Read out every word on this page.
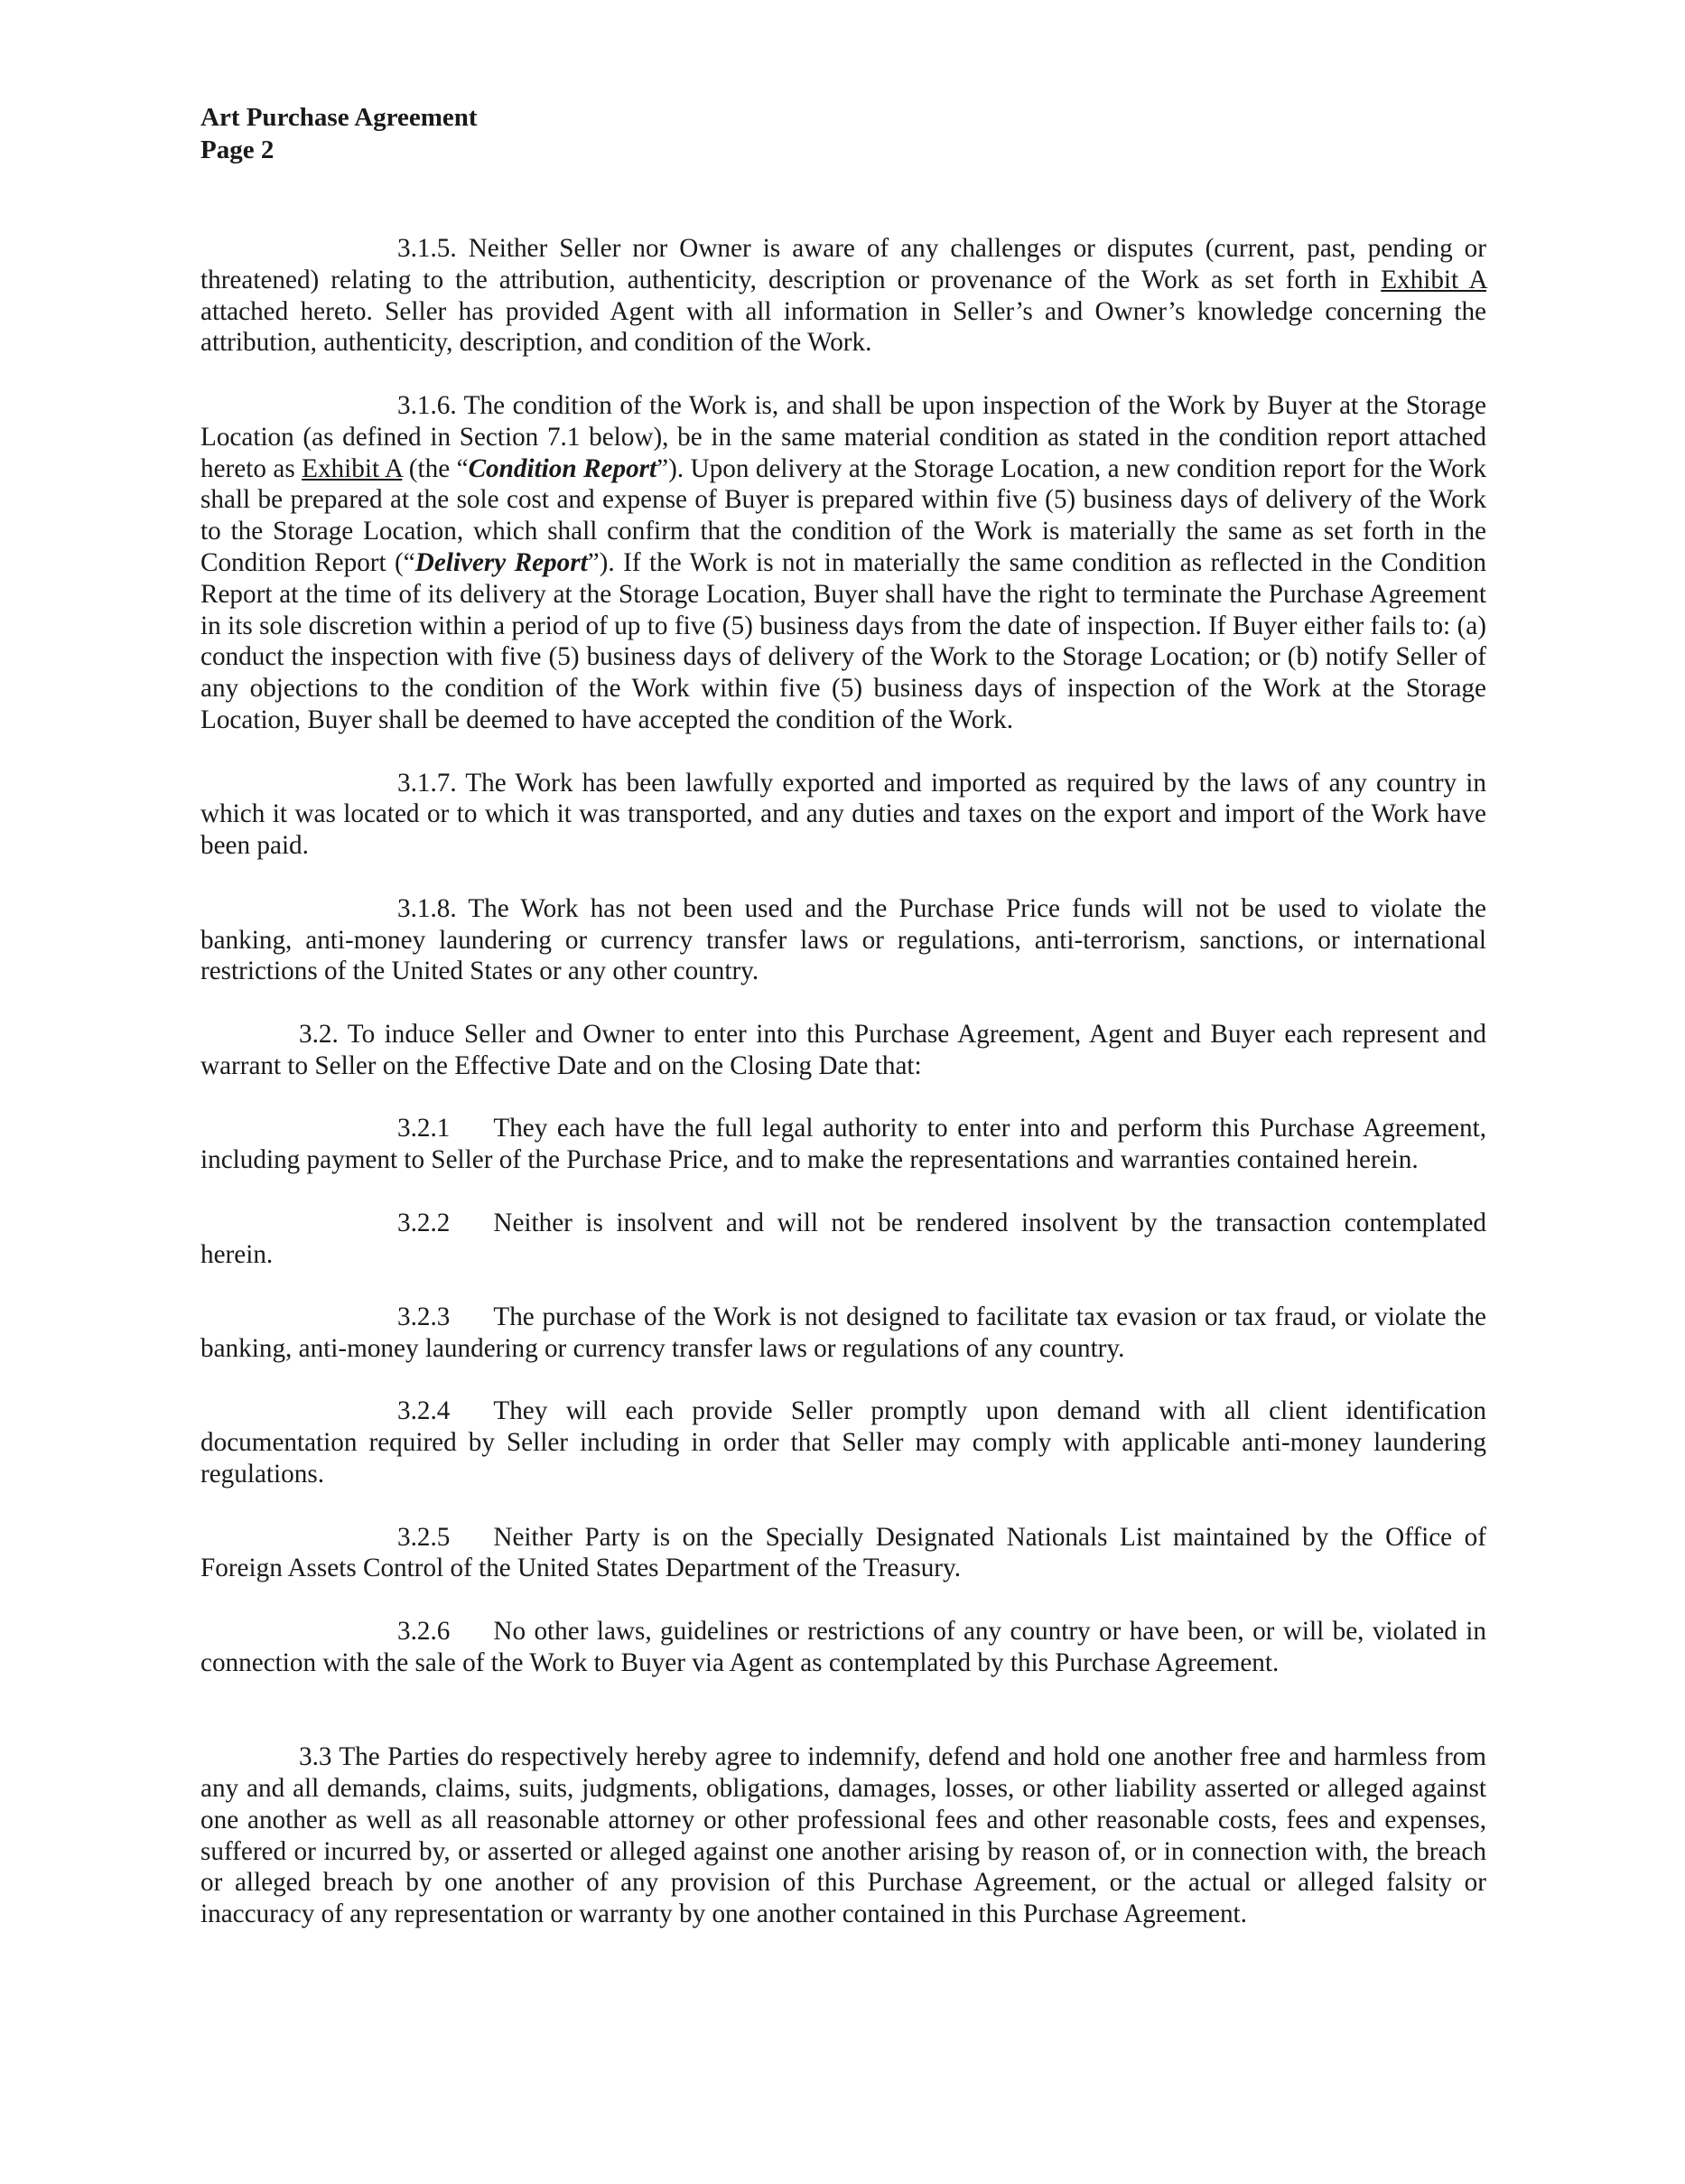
Art Purchase Agreement
Page 2

3.1.5. Neither Seller nor Owner is aware of any challenges or disputes (current, past, pending or threatened) relating to the attribution, authenticity, description or provenance of the Work as set forth in Exhibit A attached hereto. Seller has provided Agent with all information in Seller’s and Owner’s knowledge concerning the attribution, authenticity, description, and condition of the Work.

3.1.6. The condition of the Work is, and shall be upon inspection of the Work by Buyer at the Storage Location (as defined in Section 7.1 below), be in the same material condition as stated in the condition report attached hereto as Exhibit A (the “Condition Report”). Upon delivery at the Storage Location, a new condition report for the Work shall be prepared at the sole cost and expense of Buyer is prepared within five (5) business days of delivery of the Work to the Storage Location, which shall confirm that the condition of the Work is materially the same as set forth in the Condition Report (“Delivery Report”). If the Work is not in materially the same condition as reflected in the Condition Report at the time of its delivery at the Storage Location, Buyer shall have the right to terminate the Purchase Agreement in its sole discretion within a period of up to five (5) business days from the date of inspection. If Buyer either fails to: (a) conduct the inspection with five (5) business days of delivery of the Work to the Storage Location; or (b) notify Seller of any objections to the condition of the Work within five (5) business days of inspection of the Work at the Storage Location, Buyer shall be deemed to have accepted the condition of the Work.

3.1.7. The Work has been lawfully exported and imported as required by the laws of any country in which it was located or to which it was transported, and any duties and taxes on the export and import of the Work have been paid.

3.1.8. The Work has not been used and the Purchase Price funds will not be used to violate the banking, anti-money laundering or currency transfer laws or regulations, anti-terrorism, sanctions, or international restrictions of the United States or any other country.

3.2. To induce Seller and Owner to enter into this Purchase Agreement, Agent and Buyer each represent and warrant to Seller on the Effective Date and on the Closing Date that:

3.2.1 They each have the full legal authority to enter into and perform this Purchase Agreement, including payment to Seller of the Purchase Price, and to make the representations and warranties contained herein.

3.2.2 Neither is insolvent and will not be rendered insolvent by the transaction contemplated herein.

3.2.3 The purchase of the Work is not designed to facilitate tax evasion or tax fraud, or violate the banking, anti-money laundering or currency transfer laws or regulations of any country.

3.2.4 They will each provide Seller promptly upon demand with all client identification documentation required by Seller including in order that Seller may comply with applicable anti-money laundering regulations.

3.2.5 Neither Party is on the Specially Designated Nationals List maintained by the Office of Foreign Assets Control of the United States Department of the Treasury.

3.2.6 No other laws, guidelines or restrictions of any country or have been, or will be, violated in connection with the sale of the Work to Buyer via Agent as contemplated by this Purchase Agreement.

3.3 The Parties do respectively hereby agree to indemnify, defend and hold one another free and harmless from any and all demands, claims, suits, judgments, obligations, damages, losses, or other liability asserted or alleged against one another as well as all reasonable attorney or other professional fees and other reasonable costs, fees and expenses, suffered or incurred by, or asserted or alleged against one another arising by reason of, or in connection with, the breach or alleged breach by one another of any provision of this Purchase Agreement, or the actual or alleged falsity or inaccuracy of any representation or warranty by one another contained in this Purchase Agreement.
